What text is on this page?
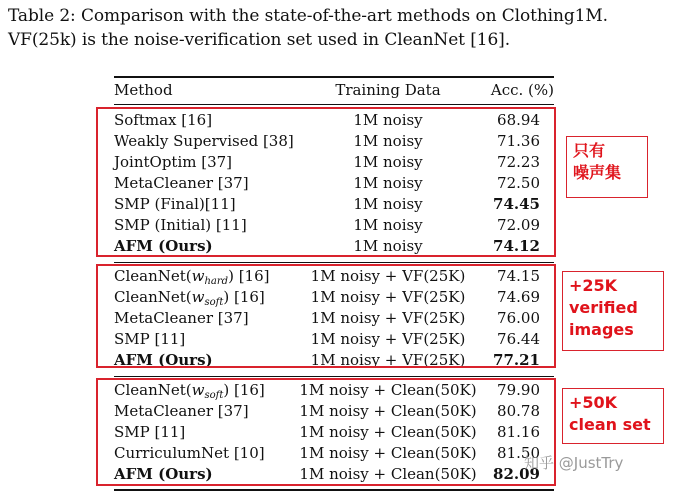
Table 2: Comparison with the state-of-the-art methods on Clothing1M. VF(25k) is the noise-verification set used in CleanNet [16].
Method	Training Data	Acc. (%)
Softmax [16]	1M noisy	68.94
Weakly Supervised [38]	1M noisy	71.36
JointOptim [37]	1M noisy	72.23
MetaCleaner [37]	1M noisy	72.50
SMP (Final)[11]	1M noisy	74.45
SMP (Initial) [11]	1M noisy	72.09
AFM (Ours)	1M noisy	74.12
$CleanNet(w_{hard})$ [16]	1M noisy + VF(25K)	74.15
$CleanNet(w_{soft})$ [16]	1M noisy + VF(25K)	74.69
MetaCleaner [37]	1M noisy + VF(25K)	76.00
SMP [11]	1M noisy + VF(25K)	76.44
AFM (Ours)	1M noisy + VF(25K)	77.21
$CleanNet(w_{soft})$ [16]	1M noisy + Clean(50K)	79.90
MetaCleaner [37]	1M noisy + Clean(50K)	80.78
SMP [11]	1M noisy + Clean(50K)	81.16
CurriculumNet [10]	1M noisy + Clean(50K)	81.50
AFM (Ours)	1M noisy + Clean(50K)	82.09
只有
噪声集
+25K
verified
images
+50K
clean set
知乎 @JustTry
